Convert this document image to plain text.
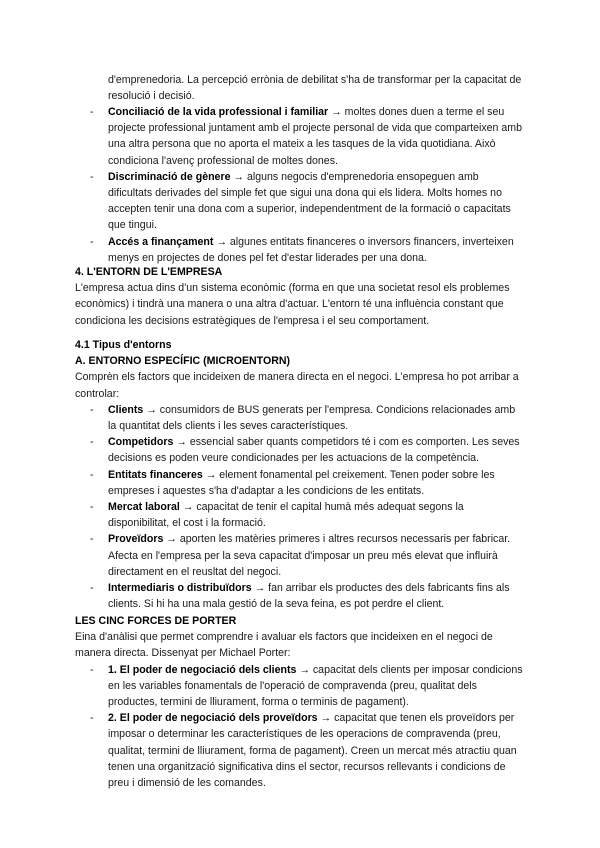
d'emprenedoria. La percepció errònia de debilitat s'ha de transformar per la capacitat de resolució i decisió.
- Conciliació de la vida professional i familiar → moltes dones duen a terme el seu projecte professional juntament amb el projecte personal de vida que comparteixen amb una altra persona que no aporta el mateix a les tasques de la vida quotidiana. Això condiciona l'avenç professional de moltes dones.
- Discriminació de gènere → alguns negocis d'emprenedoria ensopeguen amb dificultats derivades del simple fet que sigui una dona qui els lidera. Molts homes no accepten tenir una dona com a superior, independentment de la formació o capacitats que tingui.
- Accés a finançament → algunes entitats financeres o inversors financers, inverteixen menys en projectes de dones pel fet d'estar liderades per una dona.
4. L'ENTORN DE L'EMPRESA
L'empresa actua dins d'un sistema econòmic (forma en que una societat resol els problemes econòmics) i tindrà una manera o una altra d'actuar. L'entorn té una influència constant que condiciona les decisions estratègiques de l'empresa i el seu comportament.
4.1 Tipus d'entorns
A. ENTORNO ESPECÍFIC (MICROENTORN)
Comprèn els factors que incideixen de manera directa en el negoci. L'empresa ho pot arribar a controlar:
- Clients → consumidors de BUS generats per l'empresa. Condicions relacionades amb la quantitat dels clients i les seves característiques.
- Competidors → essencial saber quants competidors té i com es comporten. Les seves decisions es poden veure condicionades per les actuacions de la competència.
- Entitats financeres → element fonamental pel creixement. Tenen poder sobre les empreses i aquestes s'ha d'adaptar a les condicions de les entitats.
- Mercat laboral → capacitat de tenir el capital humà més adequat segons la disponibilitat, el cost i la formació.
- Proveïdors → aporten les matèries primeres i altres recursos necessaris per fabricar. Afecta en l'empresa per la seva capacitat d'imposar un preu més elevat que influirà directament en el reusltat del negoci.
- Intermediaris o distribuïdors → fan arribar els productes des dels fabricants fins als clients. Si hi ha una mala gestió de la seva feina, es pot perdre el client.
LES CINC FORCES DE PORTER
Eina d'anàlisi que permet comprendre i avaluar els factors que incideixen en el negoci de manera directa. Dissenyat per Michael Porter:
- 1. El poder de negociació dels clients → capacitat dels clients per imposar condicions en les variables fonamentals de l'operació de compravenda (preu, qualitat dels productes, termini de lliurament, forma o terminis de pagament).
- 2. El poder de negociació dels proveïdors → capacitat que tenen els proveïdors per imposar o determinar les característiques de les operacions de compravenda (preu, qualitat, termini de lliurament, forma de pagament). Creen un mercat més atractiu quan tenen una organització significativa dins el sector, recursos rellevants i condicions de preu i dimensió de les comandes.
